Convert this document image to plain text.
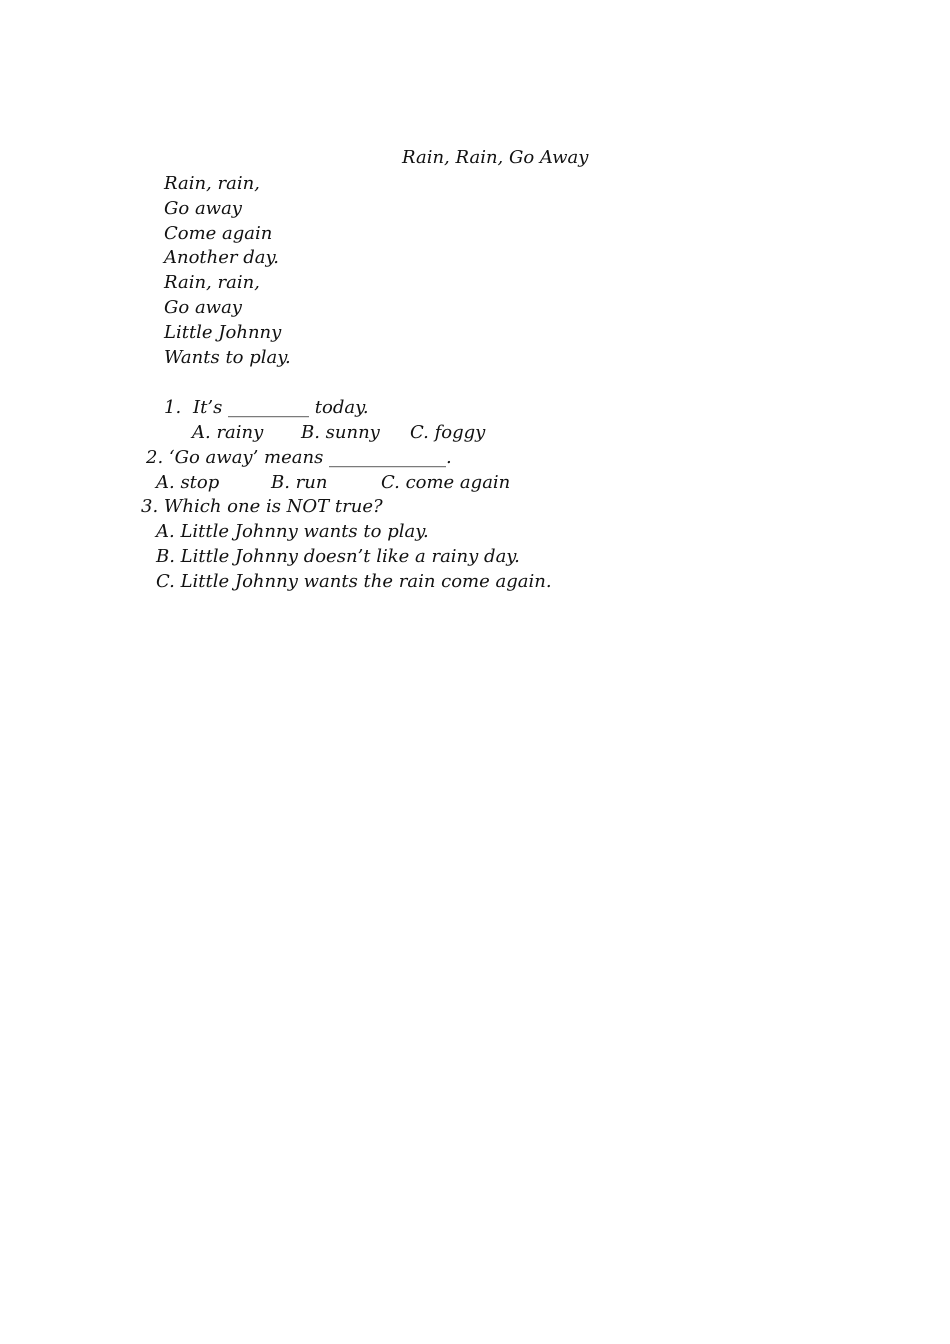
Rain, Rain, Go Away
Rain, rain,
Go away
Come again
Another day.
Rain, rain,
Go away
Little Johnny
Wants to play.
1. It’s _________ today.
A. rainy B. sunny C. foggy
2. ‘Go away’ means _____________.
A. stop	B. run	C. come again
3. Which one is NOT true?
A. Little Johnny wants to play.
B. Little Johnny doesn’t like a rainy day.
C. Little Johnny wants the rain come again.
